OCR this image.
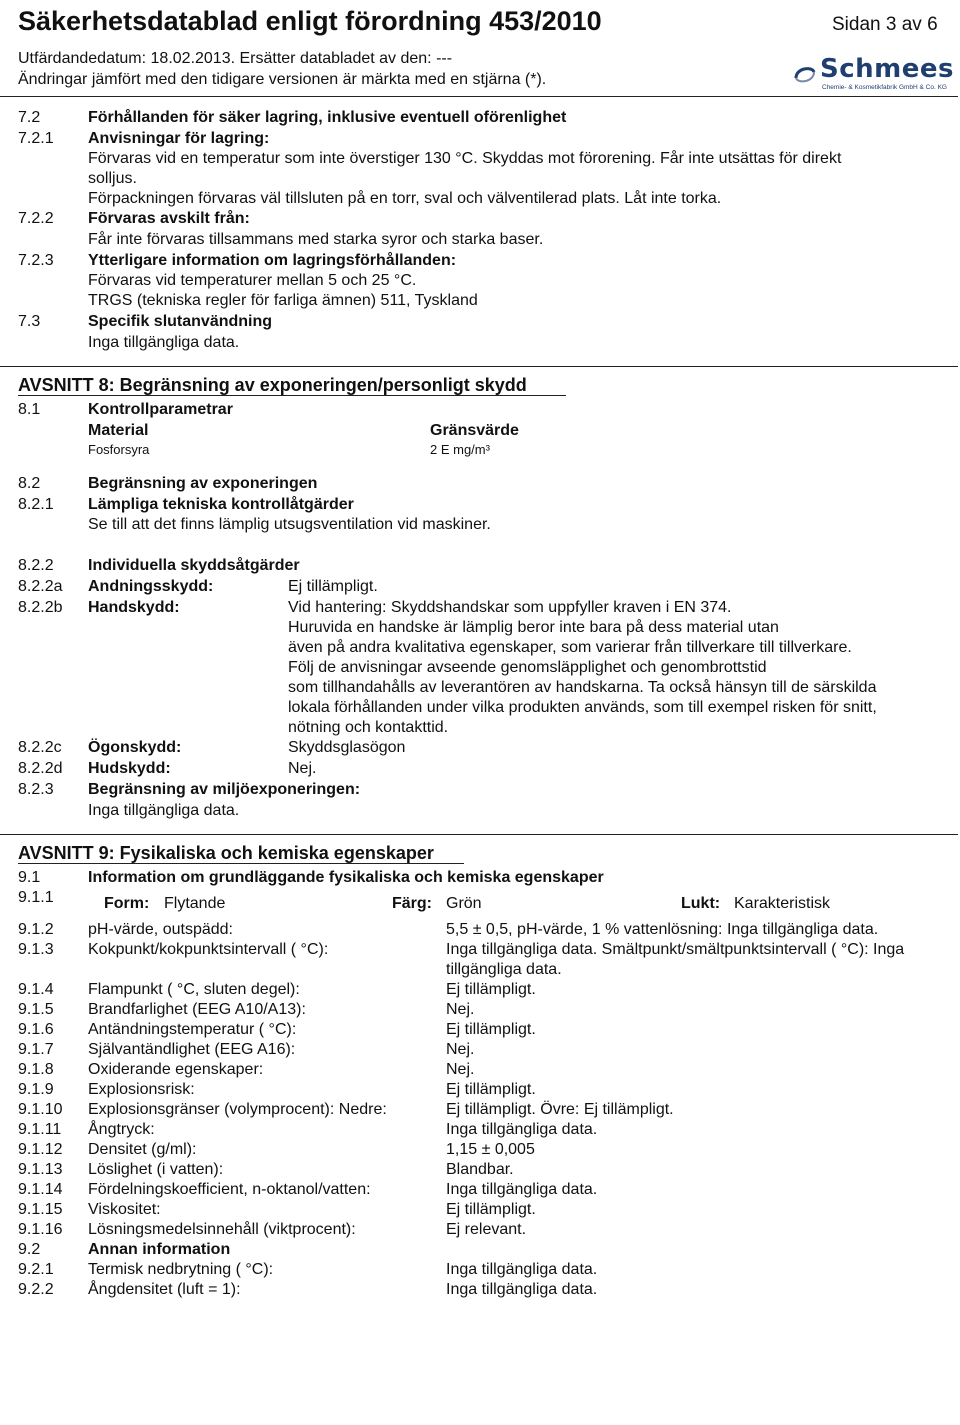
Säkerhetsdatablad enligt förordning 453/2010	Sidan 3 av 6
Utfärdandedatum: 18.02.2013. Ersätter databladet av den: ---
Ändringar jämfört med den tidigare versionen är märkta med en stjärna (*).	Schmees
Chemie- & Kosmetikfabrik GmbH & Co. KG
7.2	Förhållanden för säker lagring, inklusive eventuell oförenlighet
7.2.1 Anvisningar för lagring:
Förvaras vid en temperatur som inte överstiger 130 °C. Skyddas mot förorening. Får inte utsättas för direkt
solljus.
Förpackningen förvaras väl tillsluten på en torr, sval och välventilerad plats. Låt inte torka.
7.2.2 Förvaras avskilt från:
Får inte förvaras tillsammans med starka syror och starka baser.
7.2.3 Ytterligare information om lagringsförhållanden:
Förvaras vid temperaturer mellan 5 och 25 °C.
TRGS (tekniska regler för farliga ämnen) 511, Tyskland
7.3	Specifik slutanvändning
Inga tillgängliga data.
AVSNITT 8: Begränsning av exponeringen/personligt skydd
8.1	Kontrollparametrar
Material	Gränsvärde
Fosforsyra	2 E mg/m³
8.2	Begränsning av exponeringen
8.2.1 Lämpliga tekniska kontrollåtgärder
Se till att det finns lämplig utsugsventilation vid maskiner.
8.2.2 Individuella skyddsåtgärder
8.2.2a Andningsskydd:	Ej tillämpligt.
8.2.2b Handskydd:	Vid hantering: Skyddshandskar som uppfyller kraven i EN 374.
Huruvida en handske är lämplig beror inte bara på dess material utan
även på andra kvalitativa egenskaper, som varierar från tillverkare till tillverkare.
Följ de anvisningar avseende genomsläpplighet och genombrottstid
som tillhandahålls av leverantören av handskarna. Ta också hänsyn till de särskilda
lokala förhållanden under vilka produkten används, som till exempel risken för snitt,
nötning och kontakttid.
8.2.2c Ögonskydd:	Skyddsglasögon
8.2.2d Hudskydd:	Nej.
8.2.3 Begränsning av miljöexponeringen:
Inga tillgängliga data.
AVSNITT 9: Fysikaliska och kemiska egenskaper
9.1	Information om grundläggande fysikaliska och kemiska egenskaper
9.1.1	Form: Flytande	Färg: Grön	Lukt: Karakteristisk
9.1.2 pH-värde, outspädd:	5,5 ± 0,5, pH-värde, 1 % vattenlösning: Inga tillgängliga data.
9.1.3 Kokpunkt/kokpunktsintervall ( °C):	Inga tillgängliga data. Smältpunkt/smältpunktsintervall ( °C): Inga
tillgängliga data.
9.1.4 Flampunkt ( °C, sluten degel):	Ej tillämpligt.
9.1.5 Brandfarlighet (EEG A10/A13):	Nej.
9.1.6 Antändningstemperatur ( °C):	Ej tillämpligt.
9.1.7 Självantändlighet (EEG A16):	Nej.
9.1.8 Oxiderande egenskaper:	Nej.
9.1.9 Explosionsrisk:	Ej tillämpligt.
9.1.10 Explosionsgränser (volymprocent): Nedre:	Ej tillämpligt. Övre: Ej tillämpligt.
9.1.11 Ångtryck:	Inga tillgängliga data.
9.1.12 Densitet (g/ml):	1,15 ± 0,005
9.1.13 Löslighet (i vatten):	Blandbar.
9.1.14 Fördelningskoefficient, n-oktanol/vatten:	Inga tillgängliga data.
9.1.15 Viskositet:	Ej tillämpligt.
9.1.16 Lösningsmedelsinnehåll (viktprocent):	Ej relevant.
9.2	Annan information
9.2.1 Termisk nedbrytning ( °C):	Inga tillgängliga data.
9.2.2 Ångdensitet (luft = 1):	Inga tillgängliga data.
